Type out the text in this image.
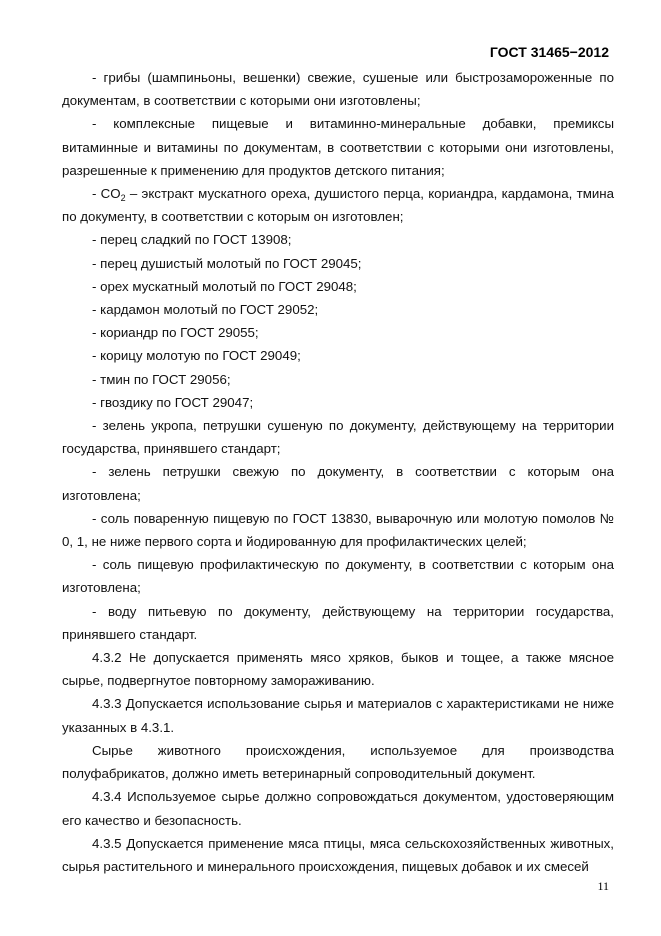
ГОСТ 31465−2012

- грибы (шампиньоны, вешенки) свежие, сушеные или быстрозамороженные по документам, в соответствии с которыми они изготовлены;

- комплексные пищевые и витаминно-минеральные добавки, премиксы витаминные и витамины по документам, в соответствии с которыми они изготовлены, разрешенные к применению для продуктов детского питания;

- $CO_2$ – экстракт мускатного ореха, душистого перца, кориандра, кардамона, тмина по документу, в соответствии с которым он изготовлен;

- перец сладкий по ГОСТ 13908;

- перец душистый молотый по ГОСТ 29045;

- орех мускатный молотый по ГОСТ 29048;

- кардамон молотый по ГОСТ 29052;

- кориандр по ГОСТ 29055;

- корицу молотую по ГОСТ 29049;

- тмин по ГОСТ 29056;

- гвоздику по ГОСТ 29047;

- зелень укропа, петрушки сушеную по документу, действующему на территории государства, принявшего стандарт;

- зелень петрушки свежую по документу, в соответствии с которым она изготовлена;

- соль поваренную пищевую по ГОСТ 13830, выварочную или молотую помолов № 0, 1, не ниже первого сорта и йодированную для профилактических целей;

- соль пищевую профилактическую по документу, в соответствии с которым она изготовлена;

- воду питьевую по документу, действующему на территории государства, принявшего стандарт.

4.3.2 Не допускается применять мясо хряков, быков и тощее, а также мясное сырье, подвергнутое повторному замораживанию.

4.3.3 Допускается использование сырья и материалов с характеристиками не ниже указанных в 4.3.1.

Сырье животного происхождения, используемое для производства полуфабрикатов, должно иметь ветеринарный сопроводительный документ.

4.3.4 Используемое сырье должно сопровождаться документом, удостоверяющим его качество и безопасность.

4.3.5 Допускается применение мяса птицы, мяса сельскохозяйственных животных, сырья растительного и минерального происхождения, пищевых добавок и их смесей

11
